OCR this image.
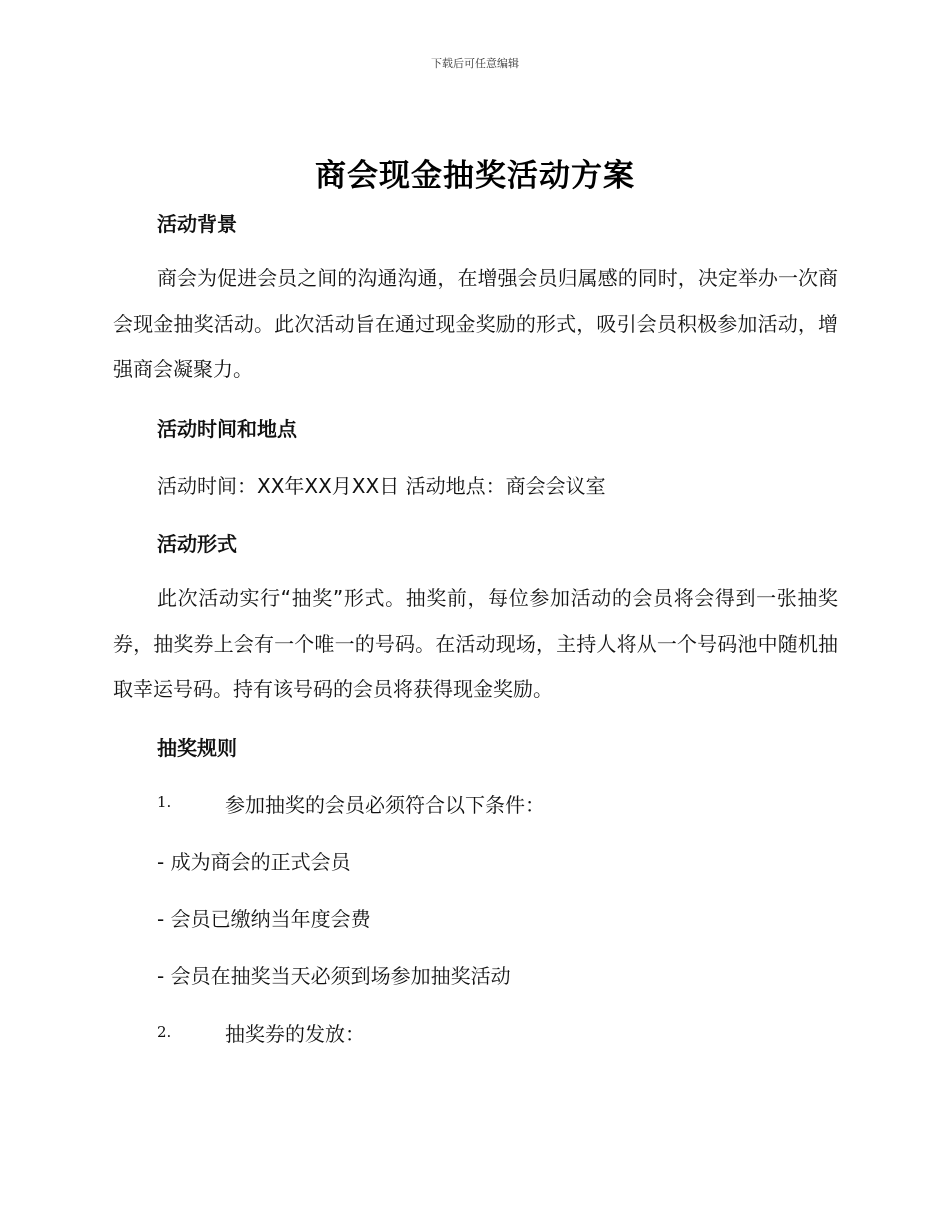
下载后可任意编辑
商会现金抽奖活动方案
活动背景
商会为促进会员之间的沟通沟通，在增强会员归属感的同时，决定举办一次商会现金抽奖活动。此次活动旨在通过现金奖励的形式，吸引会员积极参加活动，增强商会凝聚力。
活动时间和地点
活动时间：XX年XX月XX日 活动地点：商会会议室
活动形式
此次活动实行“抽奖”形式。抽奖前，每位参加活动的会员将会得到一张抽奖券，抽奖券上会有一个唯一的号码。在活动现场，主持人将从一个号码池中随机抽取幸运号码。持有该号码的会员将获得现金奖励。
抽奖规则
1.	参加抽奖的会员必须符合以下条件：
- 成为商会的正式会员
- 会员已缴纳当年度会费
- 会员在抽奖当天必须到场参加抽奖活动
2.	抽奖券的发放：
